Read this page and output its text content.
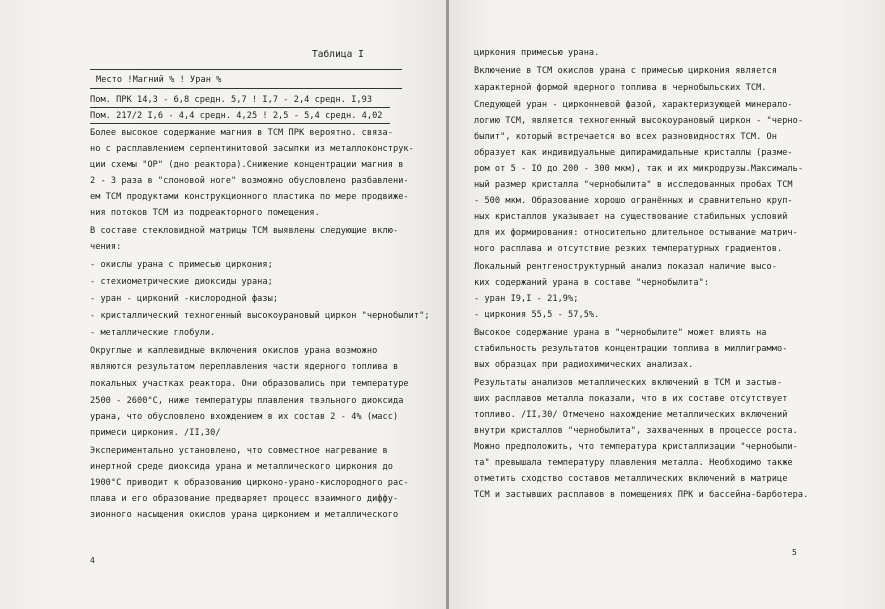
Таблица I
Место !Магний % ! Уран %
Пом. ПРК 14,3 - 6,8 средн. 5,7 ! I,7 - 2,4 средн. I,93
Пом. 217/2 I,6 - 4,4 средн. 4,25 ! 2,5 - 5,4 средн. 4,02
Более высокое содержание магния в ТСМ ПРК вероятно. связа-
но с расплавлением серпентинитовой засыпки из металлоконструк-
ции схемы "ОР" (дно реактора).Снижение концентрации магния в
2 - 3 раза в "слоновой ноге" возможно обусловлено разбавлени-
ем ТСМ продуктами конструкционного пластика по мере продвиже-
ния потоков ТСМ из подреакторного помещения.
В составе стекловидной матрицы ТСМ выявлены следующие вклю-
чения:
- окислы урана с примесью циркония;
- стехиометрические диоксиды урана;
- уран - цирконий -кислородной фазы;
- кристаллический техногенный высокоурановый циркон "чернобылит";
- металлические глобули.
Округлые и каплевидные включения окислов урана возможно
являются результатом переплавления части ядерного топлива в
локальных участках реактора. Они образовались при температуре
2500 - 2600°С, ниже температуры плавления твэльного диоксида
урана, что обусловлено вхождением в их состав 2 - 4% (масс)
примеси циркония. /II,30/
Экспериментально установлено, что совместное нагревание в
инертной среде диоксида урана и металлического циркония до
1900°С приводит к образованию цирконо-урано-кислородного рас-
плава и его образование предваряет процесс взаимного диффу-
зионного насыщения окислов урана цирконием и металлического
4
циркония примесью урана.
Включение в ТСМ окислов урана с примесью циркония является
характерной формой ядерного топлива в чернобыльских ТСМ.
Следующей уран - цирконневой фазой, характеризующей минерало-
логию ТСМ, является техногенный высокоурановый циркон - "черно-
былит", который встречается во всех разновидностях ТСМ. Он
образует как индивидуальные дипирамидальные кристаллы (разме-
ром от 5 - IO до 200 - 300 мкм), так и их микродрузы.Максималь-
ный размер кристалла "чернобылита" в исследованных пробах ТСМ
- 500 мкм. Образование хорошо огранённых и сравнительно круп-
ных кристаллов указывает на существование стабильных условий
для их формирования: относительно длительное остывание матрич-
ного расплава и отсутствие резких температурных градиентов.
Локальный рентгеноструктурный анализ показал наличие высо-
ких содержаний урана в составе "чернобылита":
- уран I9,I - 21,9%;
- циркония 55,5 - 57,5%.
Высокое содержание урана в "чернобылите" может влиять на
стабильность результатов концентрации топлива в миллиграммо-
вых образцах при радиохимических анализах.
Результаты анализов металлических включений в ТСМ и застыв-
ших расплавов металла показали, что в их составе отсутствует
топливо. /II,30/ Отмечено нахождение металлических включений
внутри кристаллов "чернобылита", захваченных в процессе роста.
Можно предположить, что температура кристаллизации "чернобыли-
та" превышала температуру плавления металла. Необходимо также
отметить сходство составов металлических включений в матрице
ТСМ и застывших расплавов в помещениях ПРК и бассейна-барботера.
5
